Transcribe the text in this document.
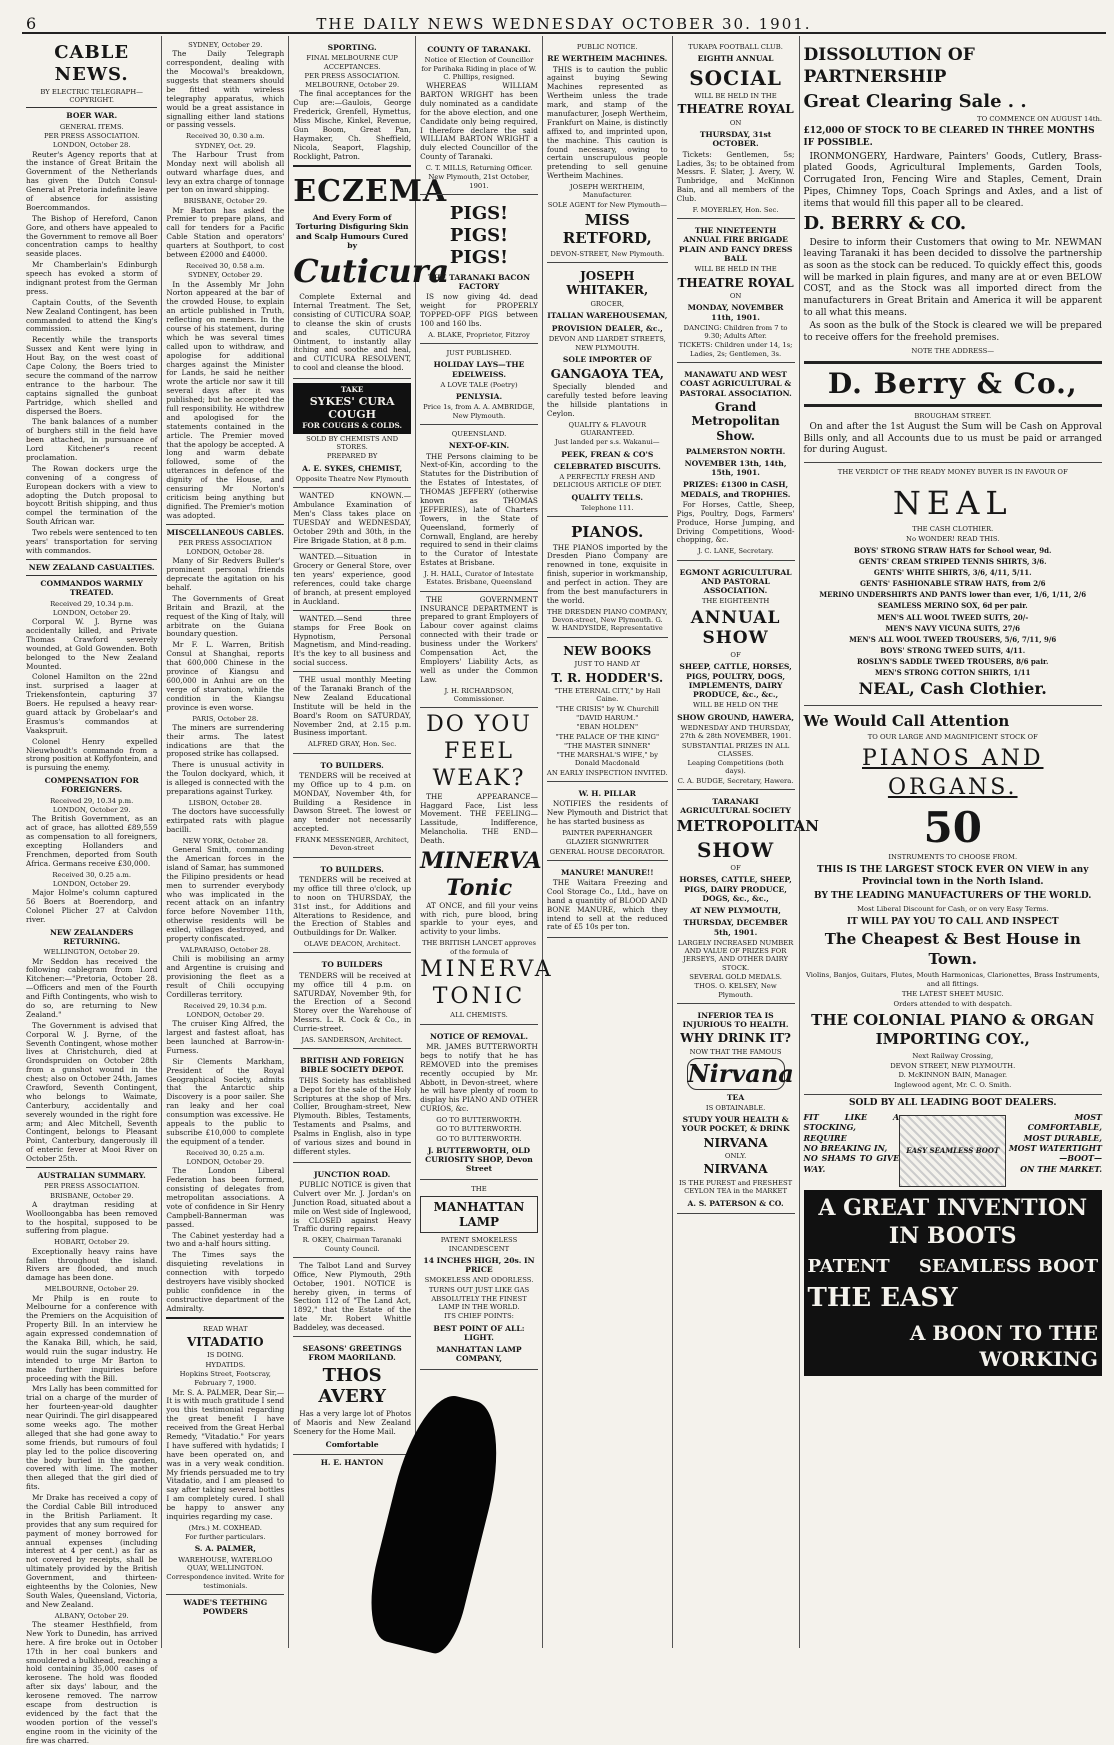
6	THE DAILY NEWS WEDNESDAY OCTOBER 30. 1901.
CABLE NEWS.
BY ELECTRIC TELEGRAPH—COPYRIGHT.
BOER WAR.
GENERAL ITEMS.
PER PRESS ASSOCIATION.
LONDON, October 28.

Reuter's Agency reports that at the instance of Great Britain the Government of the Netherlands has given the Dutch Consul-General at Pretoria indefinite leave of absence for assisting Boercommandos.

The Bishop of Hereford, Canon Gore, and others have appealed to the Government to remove all Boer concentration camps to healthy seaside places.

Mr Chamberlain's Edinburgh speech has evoked a storm of indignant protest from the German press.

Captain Coutts, of the Seventh New Zealand Contingent, has been commanded to attend the King's commission.

Recently while the transports Sussex and Kent were lying in Hout Bay, on the west coast of Cape Colony, the Boers tried to secure the command of the narrow entrance to the harbour. The captains signalled the gunboat Partridge, which shelled and dispersed the Boers.

The bank balances of a number of burghers still in the field have been attached, in pursuance of Lord Kitchener's recent proclamation.

The Rowan dockers urge the convening of a congress of European dockers with a view to adopting the Dutch proposal to boycott British shipping, and thus compel the termination of the South African war.

Two rebels were sentenced to ten years' transportation for serving with commandos.

NEW ZEALAND CASUALTIES.
COMMANDOS WARMLY TREATED.
Received 29, 10.34 p.m.
LONDON, October 29.

Corporal W. J. Byrne was accidentally killed, and Private Thomas Crawford severely wounded, at Gold Gowenden. Both belonged to the New Zealand Mounted.

Colonel Hamilton on the 22nd inst. surprised a laager at Triekensfontein, capturing 37 Boers. He repulsed a heavy rear-guard attack by Grobelaar's and Erasmus's commandos at Vaakspruit.

Colonel Henry expelled Nieuwhoudt's commando from a strong position at Koffyfontein, and is pursuing the enemy.

COMPENSATION FOR FOREIGNERS.
Received 29, 10.34 p.m.
LONDON, October 29.

The British Government, as an act of grace, has allotted £89,559 as compensation to all foreigners, excepting Hollanders and Frenchmen, deported from South Africa. Germans receive £30,000.

Received 30, 0.25 a.m.
LONDON, October 29.

Major Holme's column captured 56 Boers at Boerendorp, and Colonel Plicher 27 at Calvdon river.

NEW ZEALANDERS RETURNING.
WELLINGTON, October 29.

Mr Seddon has received the following cablegram from Lord Kitchener:—"Pretoria, October 28.—Officers and men of the Fourth and Fifth Contingents, who wish to do so, are returning to New Zealand."

The Government is advised that Corporal W. J. Byrne, of the Seventh Contingent, whose mother lives at Christchurch, died at Grondspruiden on October 28th from a gunshot wound in the chest; also on October 24th, James Crawford, Seventh Contingent, who belongs to Waimate, Canterbury, accidentally and severely wounded in the right fore arm; and Alec Mitchell, Seventh Contingent, belongs to Pleasant Point, Canterbury, dangerously ill of enteric fever at Mooi River on October 25th.

AUSTRALIAN SUMMARY.
PER PRESS ASSOCIATION.
BRISBANE, October 29.

A draytman residing at Woolloongabba has been removed to the hospital, supposed to be suffering from plague.

HOBART, October 29.

Exceptionally heavy rains have fallen throughout the island. Rivers are flooded, and much damage has been done.

MELBOURNE, October 29.

Mr Philp is en route to Melbourne for a conference with the Premiers on the Acquisition of Property Bill. In an interview he again expressed condemnation of the Kanaka Bill, which, he said, would ruin the sugar industry. He intended to urge Mr Barton to make further inquiries before proceeding with the Bill.

Mrs Lally has been committed for trial on a charge of the murder of her fourteen-year-old daughter near Quirindi. The girl disappeared some weeks ago. The mother alleged that she had gone away to some friends, but rumours of foul play led to the police discovering the body buried in the garden, covered with lime. The mother then alleged that the girl died of fits.

Mr Drake has received a copy of the Cordial Cable Bill introduced in the British Parliament. It provides that any sum required for payment of money borrowed for annual expenses (including interest at 4 per cent.) as far as not covered by receipts, shall be ultimately provided by the British Government, and thirteen-eighteenths by the Colonies, New South Wales, Queensland, Victoria, and New Zealand.

ALBANY, October 29.

The steamer Hesthfield, from New York to Dunedin, has arrived here. A fire broke out in October 17th in her coal bunkers and smouldered a bulkhead, reaching a hold containing 35,000 cases of kerosene. The hold was flooded after six days' labour, and the kerosene removed. The narrow escape from destruction is evidenced by the fact that the wooden portion of the vessel's engine room in the vicinity of the fire was charred.

SYDNEY, October 29.

The Daily Telegraph correspondent, dealing with the Mocowal's breakdown, suggests that steamers should be fitted with wireless telegraphy apparatus, which would be a great assistance in signalling either land stations or passing vessels.

Received 30, 0.30 a.m.
SYDNEY, Oct. 29.

The Harbour Trust from Monday next will abolish all outward wharfage dues, and levy an extra charge of tonnage per ton on inward shipping.

BRISBANE, October 29.

Mr Barton has asked the Premier to prepare plans, and call for tenders for a Pacific Cable Station and operators' quarters at Southport, to cost between £2000 and £4000.

Received 30, 0.58 a.m.
SYDNEY, October 29.

In the Assembly Mr John Norton appeared at the bar of the crowded House, to explain an article published in Truth, reflecting on members. In the course of his statement, during which he was several times called upon to withdraw, and apologise for additional charges against the Minister for Lands, he said he neither wrote the article nor saw it till several days after it was published; but he accepted the full responsibility. He withdrew and apologised for the statements contained in the article. The Premier moved that the apology be accepted. A long and warm debate followed, some of the utterances in defence of the dignity of the House, and censuring Mr Norton's criticism being anything but dignified. The Premier's motion was adopted.

MISCELLANEOUS CABLES.
PER PRESS ASSOCIATION
LONDON, October 28.

Many of Sir Redvers Buller's prominent personal friends deprecate the agitation on his behalf.

The Governments of Great Britain and Brazil, at the request of the King of Italy, will arbitrate on the Guiana boundary question.

Mr F. L. Warren, British Consul at Shanghai, reports that 600,000 Chinese in the province of Kiangsu and 600,000 in Anhui are on the verge of starvation, while the condition in the Kiangsu province is even worse.

PARIS, October 28.

The miners are surrendering their arms. The latest indications are that the proposed strike has collapsed.

There is unusual activity in the Toulon dockyard, which, it is alleged is connected with the preparations against Turkey.

LISBON, October 28.

The doctors have successfully extirpated rats with plague bacilli.

NEW YORK, October 28.

General Smith, commanding the American forces in the island of Samar, has summoned the Filipino presidents or head men to surrender everybody who was implicated in the recent attack on an infantry force before November 11th, otherwise residents will be exiled, villages destroyed, and property confiscated.

VALPARAISO, October 28.

Chili is mobilising an army and Argentine is cruising and provisioning the fleet as a result of Chili occupying Cordilleras territory.

Received 29, 10.34 p.m.
LONDON, October 29.

The cruiser King Alfred, the largest and fastest afloat, has been launched at Barrow-in-Furness.

Sir Clements Markham, President of the Royal Geographical Society, admits that the Antarctic ship Discovery is a poor sailer. She ran leaky and her coal consumption was excessive. He appeals to the public to subscribe £10,000 to complete the equipment of a tender.

Received 30, 0.25 a.m.
LONDON, October 29.

The London Liberal Federation has been formed, consisting of delegates from metropolitan associations. A vote of confidence in Sir Henry Campbell-Bannerman was passed.

The Cabinet yesterday had a two and a-half hours sitting.

The Times says the disquieting revelations in connection with torpedo destroyers have visibly shocked public confidence in the constructive department of the Admiralty.

READ WHAT
VITADATIO
IS DOING.
HYDATIDS.
Hopkins Street, Footscray,
February 7, 1900.

Mr. S. A. PALMER, Dear Sir,—It is with much gratitude I send you this testimonial regarding the great benefit I have received from the Great Herbal Remedy, "Vitadatio." For years I have suffered with hydatids; I have been operated on, and was in a very weak condition. My friends persuaded me to try Vitadatio, and I am pleased to say after taking several bottles I am completely cured. I shall be happy to answer any inquiries regarding my case.

(Mrs.) M. COXHEAD.
For further particulars.
S. A. PALMER,
WAREHOUSE, WATERLOO QUAY, WELLINGTON.
Correspondence invited. Write for testimonials.
WADE'S TEETHING POWDERS
SPORTING.
FINAL MELBOURNE CUP ACCEPTANCES.
PER PRESS ASSOCIATION.
MELBOURNE, October 29.

The final acceptances for the Cup are:—Gaulois, George Frederick, Grenfell, Hymettus, Miss Mische, Kinkel, Revenue, Gun Boom, Great Pan, Haymaker, Ch. Sheffield, Nicola, Seaport, Flagship, Rocklight, Patron.

ECZEMA
And Every Form of Torturing Disfiguring Skin and Scalp Humours Cured by
Cuticura

Complete External and Internal Treatment. The Set, consisting of CUTICURA SOAP, to cleanse the skin of crusts and scales, CUTICURA Ointment, to instantly allay itching and soothe and heal, and CUTICURA RESOLVENT, to cool and cleanse the blood.

TAKE
SYKES' CURA COUGH
FOR COUGHS & COLDS.
SOLD BY CHEMISTS AND STORES.
PREPARED BY
A. E. SYKES, CHEMIST,
Opposite Theatre New Plymouth

WANTED KNOWN.—Ambulance Examination of Men's Class takes place on TUESDAY and WEDNESDAY, October 29th and 30th, in the Fire Brigade Station, at 8 p.m.

WANTED.—Situation in Grocery or General Store, over ten years' experience, good references, could take charge of branch, at present employed in Auckland.

WANTED.—Send three stamps for Free Book on Hypnotism, Personal Magnetism, and Mind-reading. It's the key to all business and social success.

THE usual monthly Meeting of the Taranaki Branch of the New Zealand Educational Institute will be held in the Board's Room on SATURDAY, November 2nd, at 2.15 p.m. Business important.

ALFRED GRAY, Hon. Sec.
TO BUILDERS.

TENDERS will be received at my Office up to 4 p.m. on MONDAY, November 4th, for Building a Residence in Dawson Street. The lowest or any tender not necessarily accepted.

FRANK MESSENGER, Architect, Devon-street
TO BUILDERS.

TENDERS will be received at my office till three o'clock, up to noon on THURSDAY, the 31st inst., for Additions and Alterations to Residence, and the Erection of Stables and Outbuildings for Dr. Walker.

OLAVE DEACON, Architect.
TO BUILDERS

TENDERS will be received at my office till 4 p.m. on SATURDAY, November 9th, for the Erection of a Second Storey over the Warehouse of Messrs. L. R. Cock & Co., in Currie-street.

JAS. SANDERSON, Architect.
BRITISH AND FOREIGN BIBLE SOCIETY DEPOT.

THIS Society has established a Depot for the sale of the Holy Scriptures at the shop of Mrs. Collier, Brougham-street, New Plymouth. Bibles, Testaments, Testaments and Psalms, and Psalms in English, also in type of various sizes and bound in different styles.

JUNCTION ROAD.

PUBLIC NOTICE is given that Culvert over Mr. J. Jordan's on Junction Road, situated about a mile on West side of Inglewood, is CLOSED against Heavy Traffic during repairs.

R. OKEY, Chairman Taranaki County Council.

The Talbot Land and Survey Office, New Plymouth, 29th October, 1901. NOTICE is hereby given, in terms of Section 112 of "The Land Act, 1892," that the Estate of the late Mr. Robert Whittle Baddeley, was deceased.

SEASONS' GREETINGS FROM MAORILAND.
THOS AVERY

Has a very large lot of Photos of Maoris and New Zealand Scenery for the Home Mail.

Comfortable
H. E. HANTON
COUNTY OF TARANAKI.
Notice of Election of Councillor for Parihaka Riding in place of W. C. Phillips, resigned.

WHEREAS WILLIAM BARTON WRIGHT has been duly nominated as a candidate for the above election, and one Candidate only being required, I therefore declare the said WILLIAM BARTON WRIGHT a duly elected Councillor of the County of Taranaki.

C. T. MILLS, Returning Officer.
New Plymouth, 21st October, 1901.
PIGS! PIGS! PIGS!
THE TARANAKI BACON FACTORY

IS now giving 4d. dead weight for PROPERLY TOPPED-OFF PIGS between 100 and 160 lbs.

A. BLAKE, Proprietor, Fitzroy
JUST PUBLISHED.
HOLIDAY LAYS—THE EDELWEISS.
A LOVE TALE (Poetry)
PENLYSIA.
Price 1s, from A. A. AMBRIDGE, New Plymouth.
QUEENSLAND.
NEXT-OF-KIN.

THE Persons claiming to be Next-of-Kin, according to the Statutes for the Distribution of the Estates of Intestates, of THOMAS JEFFERY (otherwise known as THOMAS JEFFERIES), late of Charters Towers, in the State of Queensland, formerly of Cornwall, England, are hereby required to send in their claims to the Curator of Intestate Estates at Brisbane.

J. H. HALL, Curator of Intestate Estates. Brisbane, Queensland

THE GOVERNMENT INSURANCE DEPARTMENT is prepared to grant Employers of Labour cover against claims connected with their trade or business under the Workers' Compensation Act, the Employers' Liability Acts, as well as under the Common Law.

J. H. RICHARDSON, Commissioner.
DO YOU FEEL WEAK?

THE APPEARANCE—Haggard Face, List less Movement. THE FEELING—Lassitude, Indifference, Melancholia. THE END—Death.

MINERVA Tonic

AT ONCE, and fill your veins with rich, pure blood, bring sparkle to your eyes, and activity to your limbs.

THE BRITISH LANCET approves of the formula of
MINERVA
TONIC
ALL CHEMISTS.
NOTICE OF REMOVAL.

MR. JAMES BUTTERWORTH begs to notify that he has REMOVED into the premises recently occupied by Mr. Abbott, in Devon-street, where he will have plenty of room to display his PIANO AND OTHER CURIOS, &c.

GO TO BUTTERWORTH.
GO TO BUTTERWORTH.
GO TO BUTTERWORTH.
J. BUTTERWORTH, OLD CURIOSITY SHOP, Devon Street
THE
MANHATTAN LAMP
PATENT SMOKELESS INCANDESCENT
14 INCHES HIGH, 20s. IN PRICE
SMOKELESS AND ODORLESS.
TURNS OUT JUST LIKE GAS
ABSOLUTELY THE FINEST LAMP IN THE WORLD.
ITS CHIEF POINTS:
BEST POINT OF ALL: LIGHT.
MANHATTAN LAMP COMPANY,
PUBLIC NOTICE.
RE WERTHEIM MACHINES.

THIS is to caution the public against buying Sewing Machines represented as Wertheim unless the trade mark, and stamp of the manufacturer, Joseph Wertheim, Frankfurt on Maine, is distinctly affixed to, and imprinted upon, the machine. This caution is found necessary, owing to certain unscrupulous people pretending to sell genuine Wertheim Machines.

JOSEPH WERTHEIM, Manufacturer.
SOLE AGENT for New Plymouth—
MISS RETFORD,
DEVON-STREET, New Plymouth.
JOSEPH WHITAKER,
GROCER,
ITALIAN WAREHOUSEMAN,
PROVISION DEALER, &c.,
DEVON AND LIARDET STREETS,
NEW PLYMOUTH.
SOLE IMPORTER OF
GANGAOYA TEA,

Specially blended and carefully tested before leaving the hillside plantations in Ceylon.

QUALITY & FLAVOUR GUARANTEED.
Just landed per s.s. Wakanui—
PEEK, FREAN & CO'S
CELEBRATED BISCUITS.
A PERFECTLY FRESH AND DELICIOUS ARTICLE OF DIET.
QUALITY TELLS.
Telephone 111.
PIANOS.

THE PIANOS imported by the Dresden Piano Company are renowned in tone, exquisite in finish, superior in workmanship, and perfect in action. They are from the best manufacturers in the world.

THE DRESDEN PIANO COMPANY, Devon-street, New Plymouth. G. W. HANDYSIDE, Representative
NEW BOOKS
JUST TO HAND AT
T. R. HODDER'S.
"THE ETERNAL CITY," by Hall Caine.
"THE CRISIS" by W. Churchill
"DAVID HARUM."
"EBAN HOLDEN"
"THE PALACE OF THE KING"
"THE MASTER SINNER"
"THE MARSHAL'S WIFE," by Donald Macdonald
AN EARLY INSPECTION INVITED.
W. H. PILLAR

NOTIFIES the residents of New Plymouth and District that he has started business as

PAINTER PAPERHANGER
GLAZIER SIGNWRITER
GENERAL HOUSE DECORATOR.
MANURE! MANURE!!

THE Waitara Freezing and Cool Storage Co., Ltd., have on hand a quantity of BLOOD AND BONE MANURE, which they intend to sell at the reduced rate of £5 10s per ton.

TUKAPA FOOTBALL CLUB.
EIGHTH ANNUAL
SOCIAL
WILL BE HELD IN THE
THEATRE ROYAL
ON
THURSDAY, 31st OCTOBER.

Tickets: Gentlemen, 5s; Ladies, 3s; to be obtained from Messrs. F. Slater, J. Avery, W. Tunbridge, and McKinnon Bain, and all members of the Club.

F. MOYERLEY, Hon. Sec.
THE NINETEENTH ANNUAL FIRE BRIGADE PLAIN AND FANCY DRESS BALL
WILL BE HELD IN THE
THEATRE ROYAL
ON
MONDAY, NOVEMBER 11th, 1901.
DANCING: Children from 7 to 9.30; Adults After.
TICKETS: Children under 14, 1s; Ladies, 2s; Gentlemen, 3s.
MANAWATU AND WEST COAST AGRICULTURAL & PASTORAL ASSOCIATION.
Grand Metropolitan Show.
PALMERSTON NORTH.
NOVEMBER 13th, 14th, 15th, 1901.
PRIZES: £1300 in CASH, MEDALS, and TROPHIES.

For Horses, Cattle, Sheep, Pigs, Poultry, Dogs, Farmers' Produce, Horse Jumping, and Driving Competitions, Wood-chopping, &c.

J. C. LANE, Secretary.
EGMONT AGRICULTURAL AND PASTORAL ASSOCIATION.
THE EIGHTEENTH
ANNUAL SHOW
OF
SHEEP, CATTLE, HORSES, PIGS, POULTRY, DOGS, IMPLEMENTS, DAIRY PRODUCE, &c., &c.,
WILL BE HELD ON THE
SHOW GROUND, HAWERA,
WEDNESDAY AND THURSDAY, 27th & 28th NOVEMBER, 1901.
SUBSTANTIAL PRIZES IN ALL CLASSES.
Leaping Competitions (both days).
C. A. BUDGE, Secretary, Hawera.
TARANAKI AGRICULTURAL SOCIETY
METROPOLITAN
SHOW
OF
HORSES, CATTLE, SHEEP, PIGS, DAIRY PRODUCE, DOGS, &c., &c.,
AT NEW PLYMOUTH,
THURSDAY, DECEMBER 5th, 1901.
LARGELY INCREASED NUMBER AND VALUE OF PRIZES FOR JERSEYS, AND OTHER DAIRY STOCK.
SEVERAL GOLD MEDALS.
THOS. O. KELSEY, New Plymouth.
INFERIOR TEA IS INJURIOUS TO HEALTH.
WHY DRINK IT?
NOW THAT THE FAMOUS
Nirvana
TEA
IS OBTAINABLE.
STUDY YOUR HEALTH & YOUR POCKET, & DRINK
NIRVANA
ONLY.
NIRVANA
IS THE PUREST and FRESHEST CEYLON TEA in the MARKET
A. S. PATERSON & CO.
DISSOLUTION OF PARTNERSHIP
Great Clearing Sale . .
TO COMMENCE ON AUGUST 14th.
£12,000 OF STOCK TO BE CLEARED IN THREE MONTHS IF POSSIBLE.

IRONMONGERY, Hardware, Painters' Goods, Cutlery, Brass-plated Goods, Agricultural Implements, Garden Tools, Corrugated Iron, Fencing Wire and Staples, Cement, Drain Pipes, Chimney Tops, Coach Springs and Axles, and a list of items that would fill this paper all to be cleared.

D. BERRY & CO.

Desire to inform their Customers that owing to Mr. NEWMAN leaving Taranaki it has been decided to dissolve the partnership as soon as the stock can be reduced. To quickly effect this, goods will be marked in plain figures, and many are at or even BELOW COST, and as the Stock was all imported direct from the manufacturers in Great Britain and America it will be apparent to all what this means.

As soon as the bulk of the Stock is cleared we will be prepared to receive offers for the freehold premises.

NOTE THE ADDRESS—
D. Berry & Co.,
BROUGHAM STREET.

On and after the 1st August the Sum will be Cash on Approval Bills only, and all Accounts due to us must be paid or arranged for during August.

THE VERDICT OF THE READY MONEY BUYER IS IN FAVOUR OF
NEAL
THE CASH CLOTHIER.
No WONDER! READ THIS.
BOYS' STRONG STRAW HATS for School wear, 9d.
GENTS' CREAM STRIPED TENNIS SHIRTS, 3/6.
GENTS' WHITE SHIRTS, 3/6, 4/11, 5/11.
GENTS' FASHIONABLE STRAW HATS, from 2/6
MERINO UNDERSHIRTS AND PANTS lower than ever, 1/6, 1/11, 2/6
SEAMLESS MERINO SOX, 6d per pair.
MEN'S ALL WOOL TWEED SUITS, 20/-
MEN'S NAVY VICUNA SUITS, 27/6
MEN'S ALL WOOL TWEED TROUSERS, 5/6, 7/11, 9/6
BOYS' STRONG TWEED SUITS, 4/11.
ROSLYN'S SADDLE TWEED TROUSERS, 8/6 pair.
MEN'S STRONG COTTON SHIRTS, 1/11
NEAL, Cash Clothier.
We Would Call Attention
TO OUR LARGE AND MAGNIFICENT STOCK OF
PIANOS AND ORGANS.
50
INSTRUMENTS TO CHOOSE FROM.
THIS IS THE LARGEST STOCK EVER ON VIEW in any Provincial town in the North Island.
BY THE LEADING MANUFACTURERS OF THE WORLD.
Most Liberal Discount for Cash, or on very Easy Terms.
IT WILL PAY YOU TO CALL AND INSPECT
The Cheapest & Best House in Town.
Violins, Banjos, Guitars, Flutes, Mouth Harmonicas, Clarionettes, Brass Instruments, and all fittings.
THE LATEST SHEET MUSIC.
Orders attended to with despatch.
THE COLONIAL PIANO & ORGAN IMPORTING COY.,
Next Railway Crossing,
DEVON STREET, NEW PLYMOUTH.
D. McKINNON BAIN, Manager.
Inglewood agent, Mr. C. O. Smith.
SOLD BY ALL LEADING BOOT DEALERS.
FIT LIKE A STOCKING,
REQUIRE
NO BREAKING IN,
NO SHAMS TO GIVE WAY.
EASY SEAMLESS BOOT
MOST COMFORTABLE,
MOST DURABLE,
MOST WATERTIGHT
—BOOT—
ON THE MARKET.
A GREAT INVENTION IN BOOTS
PATENT SEAMLESS BOOT
THE EASY
A BOON TO THE WORKING
